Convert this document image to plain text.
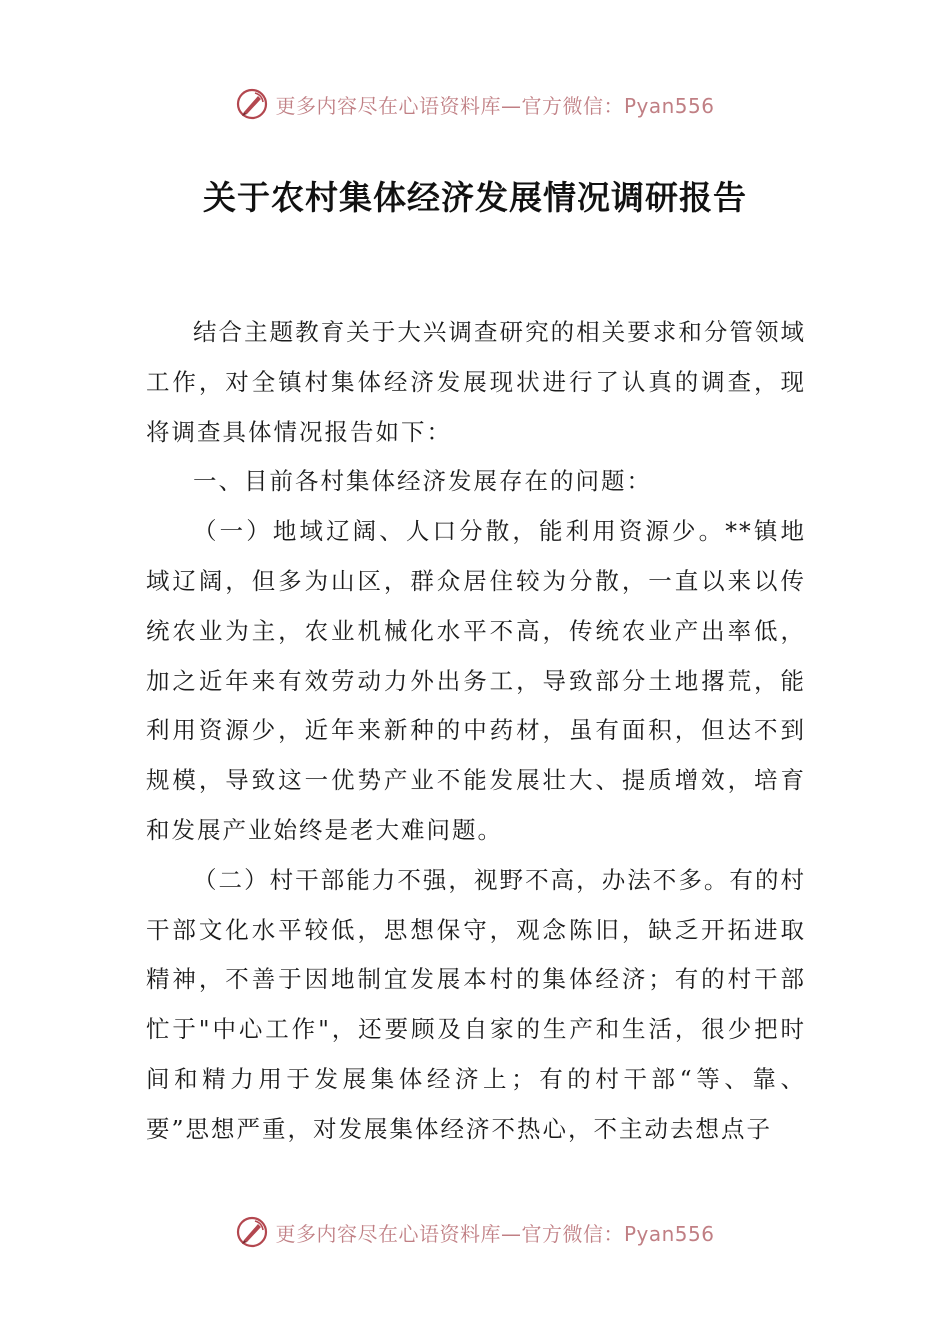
更多内容尽在心语资料库—官方微信：Pyan556
关于农村集体经济发展情况调研报告

结合主题教育关于大兴调查研究的相关要求和分管领域工作，对全镇村集体经济发展现状进行了认真的调查，现将调查具体情况报告如下：

一、目前各村集体经济发展存在的问题：

（一）地域辽阔、人口分散，能利用资源少。**镇地域辽阔，但多为山区，群众居住较为分散，一直以来以传统农业为主，农业机械化水平不高，传统农业产出率低，加之近年来有效劳动力外出务工，导致部分土地撂荒，能利用资源少，近年来新种的中药材，虽有面积，但达不到规模，导致这一优势产业不能发展壮大、提质增效，培育和发展产业始终是老大难问题。

（二）村干部能力不强，视野不高，办法不多。有的村干部文化水平较低，思想保守，观念陈旧，缺乏开拓进取精神，不善于因地制宜发展本村的集体经济；有的村干部忙于"中心工作"，还要顾及自家的生产和生活，很少把时间和精力用于发展集体经济上；有的村干部“等、靠、要”思想严重，对发展集体经济不热心，不主动去想点子

更多内容尽在心语资料库—官方微信：Pyan556
